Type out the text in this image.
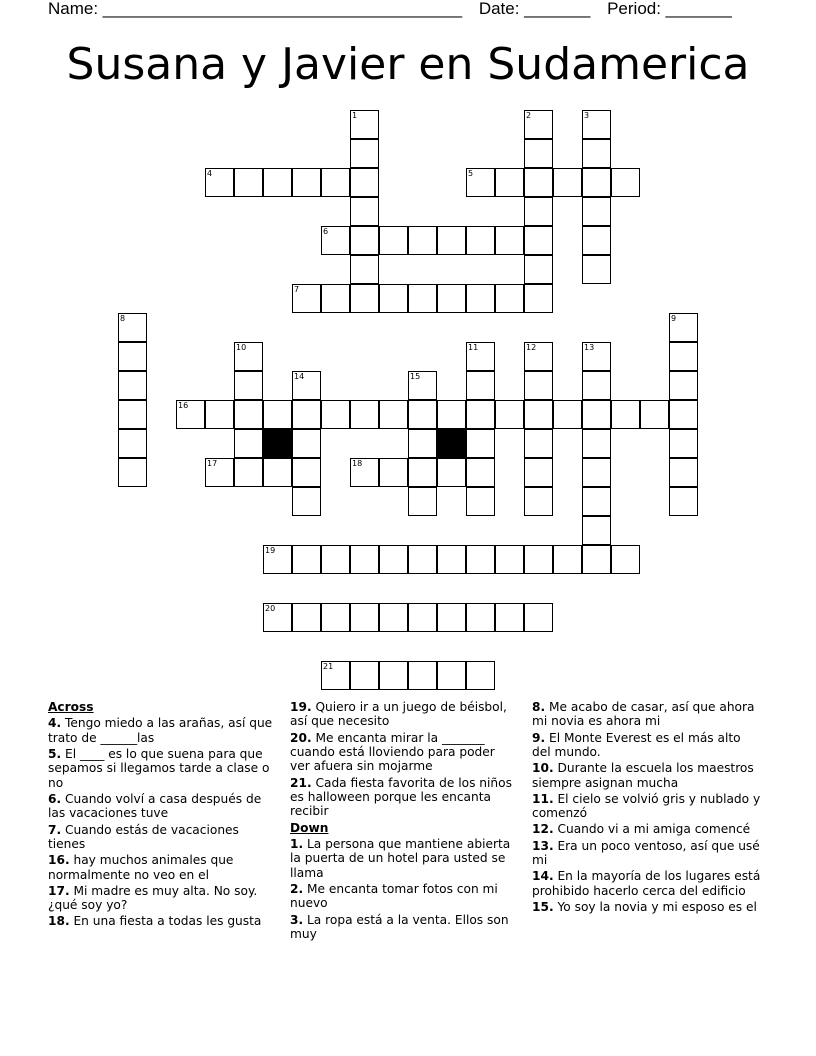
Name: ______________________________________ Date: _______ Period: _______
Susana y Javier en Sudamerica
1	2	3
4	5
6
7
8	9
10	11	12	13
14	15
16
17	18
19
20
21
Across
4. Tengo miedo a las arañas, así que trato de ______las
5. El ____ es lo que suena para que sepamos si llegamos tarde a clase o no
6. Cuando volví a casa después de las vacaciones tuve
7. Cuando estás de vacaciones tienes
16. hay muchos animales que normalmente no veo en el
17. Mi madre es muy alta. No soy. ¿qué soy yo?
18. En una fiesta a todas les gusta
19. Quiero ir a un juego de béisbol, así que necesito
20. Me encanta mirar la _______ cuando está lloviendo para poder ver afuera sin mojarme
21. Cada fiesta favorita de los niños es halloween porque les encanta recibir
Down
1. La persona que mantiene abierta la puerta de un hotel para usted se llama
2. Me encanta tomar fotos con mi nuevo
3. La ropa está a la venta. Ellos son muy
8. Me acabo de casar, así que ahora mi novia es ahora mi
9. El Monte Everest es el más alto del mundo.
10. Durante la escuela los maestros siempre asignan mucha
11. El cielo se volvió gris y nublado y comenzó
12. Cuando vi a mi amiga comencé
13. Era un poco ventoso, así que usé mi
14. En la mayoría de los lugares está prohibido hacerlo cerca del edificio
15. Yo soy la novia y mi esposo es el
